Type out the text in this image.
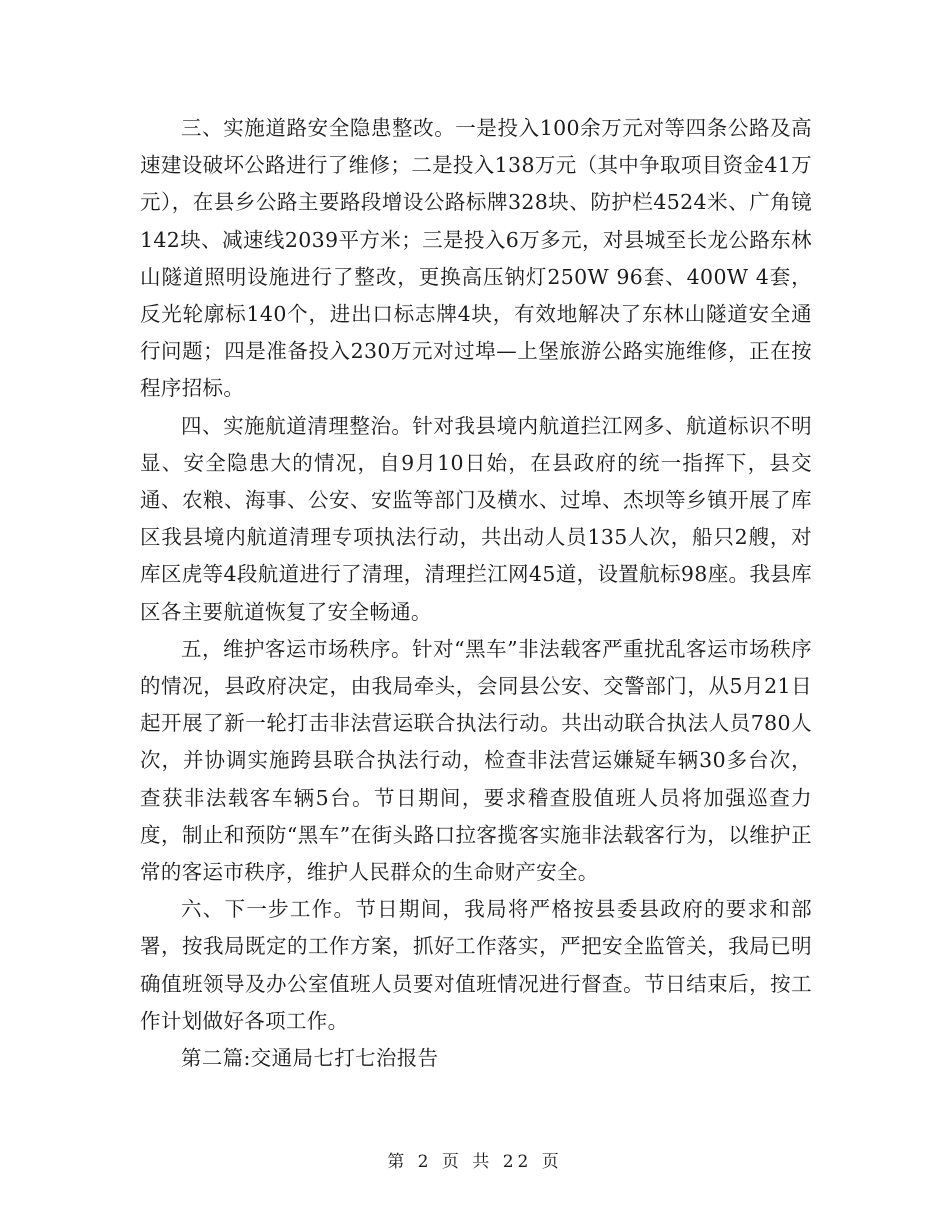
三、实施道路安全隐患整改。一是投入100余万元对等四条公路及高速建设破坏公路进行了维修；二是投入138万元（其中争取项目资金41万元），在县乡公路主要路段增设公路标牌328块、防护栏4524米、广角镜142块、减速线2039平方米；三是投入6万多元，对县城至长龙公路东林山隧道照明设施进行了整改，更换高压钠灯250W 96套、400W 4套，反光轮廓标140个，进出口标志牌4块，有效地解决了东林山隧道安全通行问题；四是准备投入230万元对过埠—上堡旅游公路实施维修，正在按程序招标。

四、实施航道清理整治。针对我县境内航道拦江网多、航道标识不明显、安全隐患大的情况，自9月10日始，在县政府的统一指挥下，县交通、农粮、海事、公安、安监等部门及横水、过埠、杰坝等乡镇开展了库区我县境内航道清理专项执法行动，共出动人员135人次，船只2艘，对库区虎等4段航道进行了清理，清理拦江网45道，设置航标98座。我县库区各主要航道恢复了安全畅通。

五，维护客运市场秩序。针对“黑车”非法载客严重扰乱客运市场秩序的情况，县政府决定，由我局牵头，会同县公安、交警部门，从5月21日起开展了新一轮打击非法营运联合执法行动。共出动联合执法人员780人次，并协调实施跨县联合执法行动，检查非法营运嫌疑车辆30多台次，查获非法载客车辆5台。节日期间，要求稽查股值班人员将加强巡查力度，制止和预防“黑车”在街头路口拉客揽客实施非法载客行为，以维护正常的客运市秩序，维护人民群众的生命财产安全。

六、下一步工作。节日期间，我局将严格按县委县政府的要求和部署，按我局既定的工作方案，抓好工作落实，严把安全监管关，我局已明确值班领导及办公室值班人员要对值班情况进行督查。节日结束后，按工作计划做好各项工作。

第二篇:交通局七打七治报告

第 2 页 共 22 页
